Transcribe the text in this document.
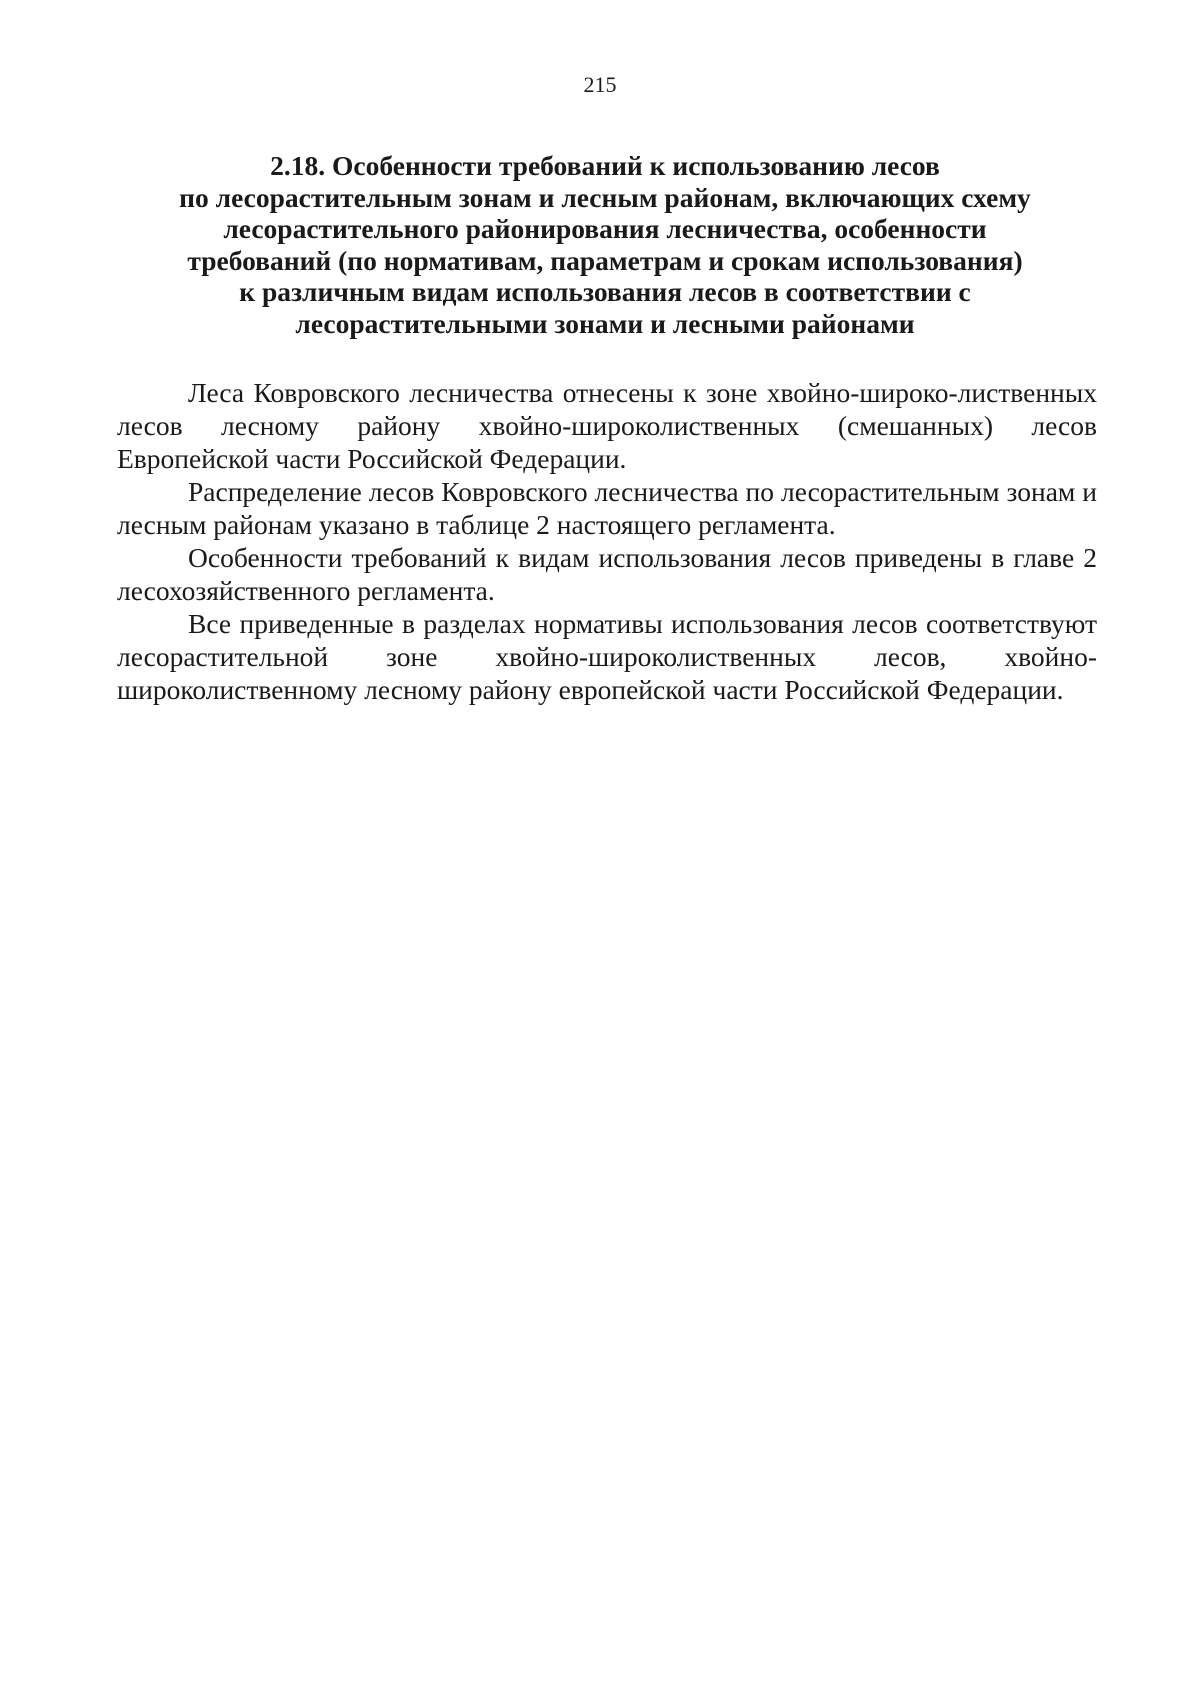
215
2.18. Особенности требований к использованию лесов
по лесорастительным зонам и лесным районам, включающих схему
лесорастительного районирования лесничества, особенности
требований (по нормативам, параметрам и срокам использования)
к различным видам использования лесов в соответствии с
лесорастительными зонами и лесными районами

Леса Ковровского лесничества отнесены к зоне хвойно-широко-лиственных лесов лесному району хвойно-широколиственных (смешанных) лесов Европейской части Российской Федерации.

Распределение лесов Ковровского лесничества по лесорастительным зонам и лесным районам указано в таблице 2 настоящего регламента.

Особенности требований к видам использования лесов приведены в главе 2 лесохозяйственного регламента.

Все приведенные в разделах нормативы использования лесов соответствуют лесорастительной зоне хвойно-широколиственных лесов, хвойно-широколиственному лесному району европейской части Российской Федерации.
